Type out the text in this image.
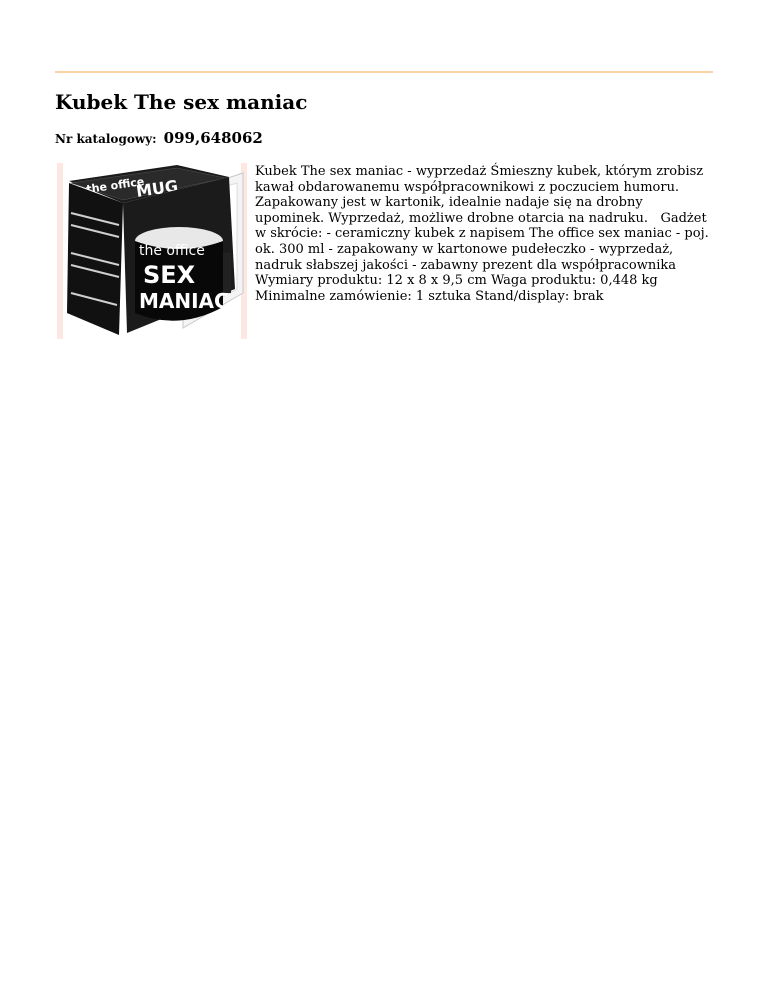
Kubek The sex maniac
Nr katalogowy: 099,648062
the office
MUG
the office
SEX
MANIAC
Kubek The sex maniac - wyprzedaż Śmieszny kubek, którym zrobisz kawał obdarowanemu współpracownikowi z poczuciem humoru. Zapakowany jest w kartonik, idealnie nadaje się na drobny upominek. Wyprzedaż, możliwe drobne otarcia na nadruku.   Gadżet w skrócie: - ceramiczny kubek z napisem The office sex maniac - poj. ok. 300 ml - zapakowany w kartonowe pudełeczko - wyprzedaż, nadruk słabszej jakości - zabawny prezent dla współpracownika   Wymiary produktu: 12 x 8 x 9,5 cm Waga produktu: 0,448 kg Minimalne zamówienie: 1 sztuka Stand/display: brak
